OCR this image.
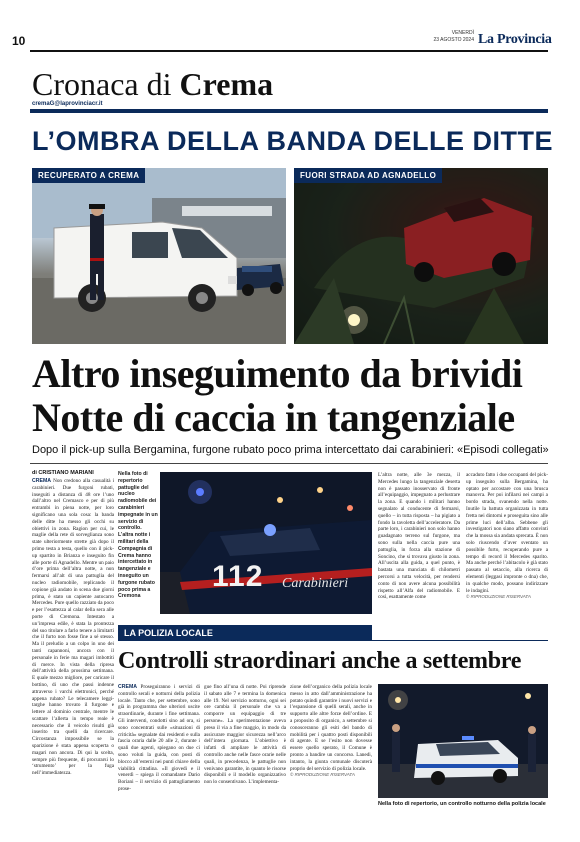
10
VENERDÌ
23 AGOSTO 2024 La Provincia
Cronaca di Crema
cremaG@laprovinciacr.it
L’OMBRA DELLA BANDA DELLE DITTE
RECUPERATO A CREMA	FUORI STRADA AD AGNADELLO
Altro inseguimento da brividi
Notte di caccia in tangenziale
Dopo il pick-up sulla Bergamina, furgone rubato poco prima intercettato dai carabinieri: «Episodi collegati»
di CRISTIANO MARIANI
CREMA Non credono alla casualità i carabinieri. Due furgoni rubati, inseguiti a distanza di 48 ore l’uno dall’altro nel Cremasco e per di più entrambi in piena notte, per loro significano una sola cosa: la banda delle ditte ha messo gli occhi su obiettivi in zona. Ragion per cui, le maglie della rete di sorveglianza sono state ulteriormente strette già dopo il primo testa a testa, quello con il pick-up spartito in Brianza e inseguito fin alle porte di Agnadello. Mentre un paio d’ore prima dell’altra notte, a non fermarsi all’alt di una pattuglia del nucleo radiomobile, replicando il copione già andato in scena due giorni prima, è stato un capiente autocarro Mercedes. Pure quello razziato da poco e per l’esattezza al calar della sera alle porte di Cremona. Intestato a un’impresa edile, è stata la prontezza del suo titolare a farlo tenere a limitarti che il furto non fosse fine a sé stesso. Ma il preludio a un colpo in uno dei tanti capannoni, ancora con il personale in ferie ma magari imbottiti di merce. In vista della ripresa dell’attività della prossima settimana. E quale mezzo migliore, per caricare il bottino, di uno che passi indenne attraverso i varchi elettronici, perché appena rubato? Le telecamere leggi-targhe hanno trovato il furgone e lettere al dominio centrale, mentre le scattare l’allerta in tempo reale è necessario che il veicolo risulti già inserito tra quelli da ricercare. Circostanza impossibile se la sparizione è stata appena scoperta o magari non ancora. Di qui la scelta, sempre più frequente, di procurarsi lo ‘strumento’ per la fuga nell’immediatezza.
Nella foto di repertorio pattuglie del nucleo radiomobile dei carabinieri impegnate in un servizio di controllo. L’altra notte i militari della Compagnia di Crema hanno intercettato in tangenziale e inseguito un furgone rubato poco prima a Cremona
112 Carabinieri
L’altra notte, alle 3e mezza, il Mercedes lungo la tangenziale deserta non è passato inosservato di fronte all’equipaggio, impegnato a perlustrare la zona. E quando i militari hanno segnalato al conducente di fermarsi, quello – in tutta risposta – ha pigiato a fondo la tavoletta dell’acceleratore. Da parte loro, i carabinieri non solo hanno guadagnato terreno sul furgone, ma sono sulla nella caccia pure una pattuglia, in forza alla stazione di Soncino, che si trovava giusto in zona. All’uscita alla guida, a quel punto, è bastata una manciata di chilometri percorsi a tutta velocità, per rendersi conto di non avere alcuna possibilità rispetto all’Alfa del radiomobile. E così, esattamente come
accaduto fatto i due occupanti del pick-up inseguito sulla Bergamina, ha optato per accostare con una brusca manovra. Per poi infilarsi nei campi a bordo strada, svanendo nella notte. Inutile la battuta organizzata in tutta fretta nei dintorni e proseguita sino alle prime luci dell’alba. Sebbene gli investigatori non siano affatto convinti che la mossa sia andata sprecata. È non solo riuscendo d’aver sventato un possibile furto, recuperando pure a tempo di record il Mercedes sparito. Ma anche perché l’abitacolo è già stato passato al setaccio, alla ricerca di elementi (leggasi impronte o dna) che, in qualche modo, possano indirizzare le indagini.
© RIPRODUZIONE RISERVATA
LA POLIZIA LOCALE
Controlli straordinari anche a settembre
CREMA Proseguiranno i servizi di controllo serali e notturni della polizia locale. Tanto che, per settembre, sono già in programma due ulteriori uscite straordinarie, durante i fine settimana. Gli interventi, condotti sino ad ora, si sono concentrati sulle «situazioni di criticità» segnalate dai residenti e sulla fascia oraria dalle 20 alle 2, durante i quali due agenti, spiegano on due ci sono voluti la guida, con posti di blocco all’esterni nei punti chiave della viabilità cittadina. «Il giovedì e il venerdì – spiega il comandante Dario Boriani – il servizio di pattugliamento prose-
gue fino all’una di notte. Poi riprende il sabato alle 7 e termina la domenica alle 19. Nel servizio notturno, ogni sei ore cambia il personale che va a comporre un equipaggio di tre persone». La sperimentazione aveva preso il via a fine maggio, in modo da assicurare maggior sicurezza nell’arco dell’intera giornata. L’obiettivo è infatti di ampliare le attività di controllo anche nelle fasce orarie nelle quali, in precedenza, le pattuglie non venivano garantite, in quanto le risorse disponibili e il modello organizzativo non lo consentivano. L’implementa-
zione dell’organico della polizia locale messo in atto dall’amministrazione ha potato quindi garantire i nuovi servizi e l’espansione di quelli serali, anche in supporto alle altre forze dell’ordine. E a proposito di organico, a settembre si conosceranno gli esiti del bando di mobilità per i quattro posti disponibili di agente. E se l’esito non dovesse essere quello sperato, il Comune è pronto a bandire un concorso. Lanedi, intanto, la giunta comunale discuterà proprio del servizio di polizia locale.
© RIPRODUZIONE RISERVATA
Nella foto di repertorio, un controllo notturno della polizia locale
